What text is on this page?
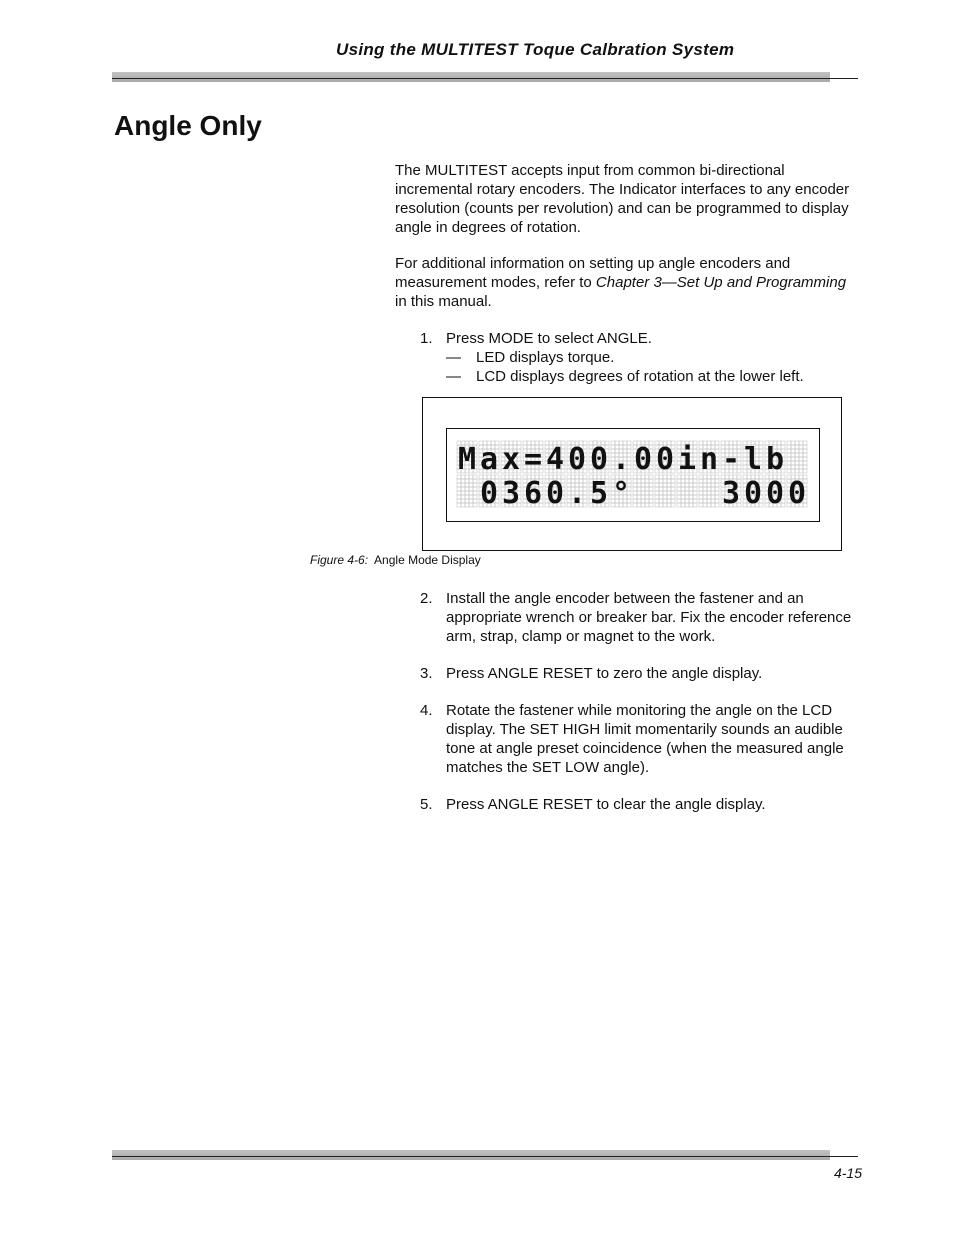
Using the MULTITEST Toque Calbration System
Angle Only

The MULTITEST accepts input from common bi-directional incremental rotary encoders. The Indicator interfaces to any encoder resolution (counts per revolution) and can be programmed to display angle in degrees of rotation.

For additional information on setting up angle encoders and measurement modes, refer to Chapter 3—Set Up and Programming in this manual.

1. Press MODE to select ANGLE.
— LED displays torque.
— LCD displays degrees of rotation at the lower left.
M a x = 4 0 0 . 0 0 i n - l b
0 3 6 0 . 5 °	3 0 0 0
Figure 4-6: Angle Mode Display
2. Install the angle encoder between the fastener and an appropriate wrench or breaker bar. Fix the encoder reference arm, strap, clamp or magnet to the work.
3. Press ANGLE RESET to zero the angle display.
4. Rotate the fastener while monitoring the angle on the LCD display. The SET HIGH limit momentarily sounds an audible tone at angle preset coincidence (when the measured angle matches the SET LOW angle).
5. Press ANGLE RESET to clear the angle display.
4-15
